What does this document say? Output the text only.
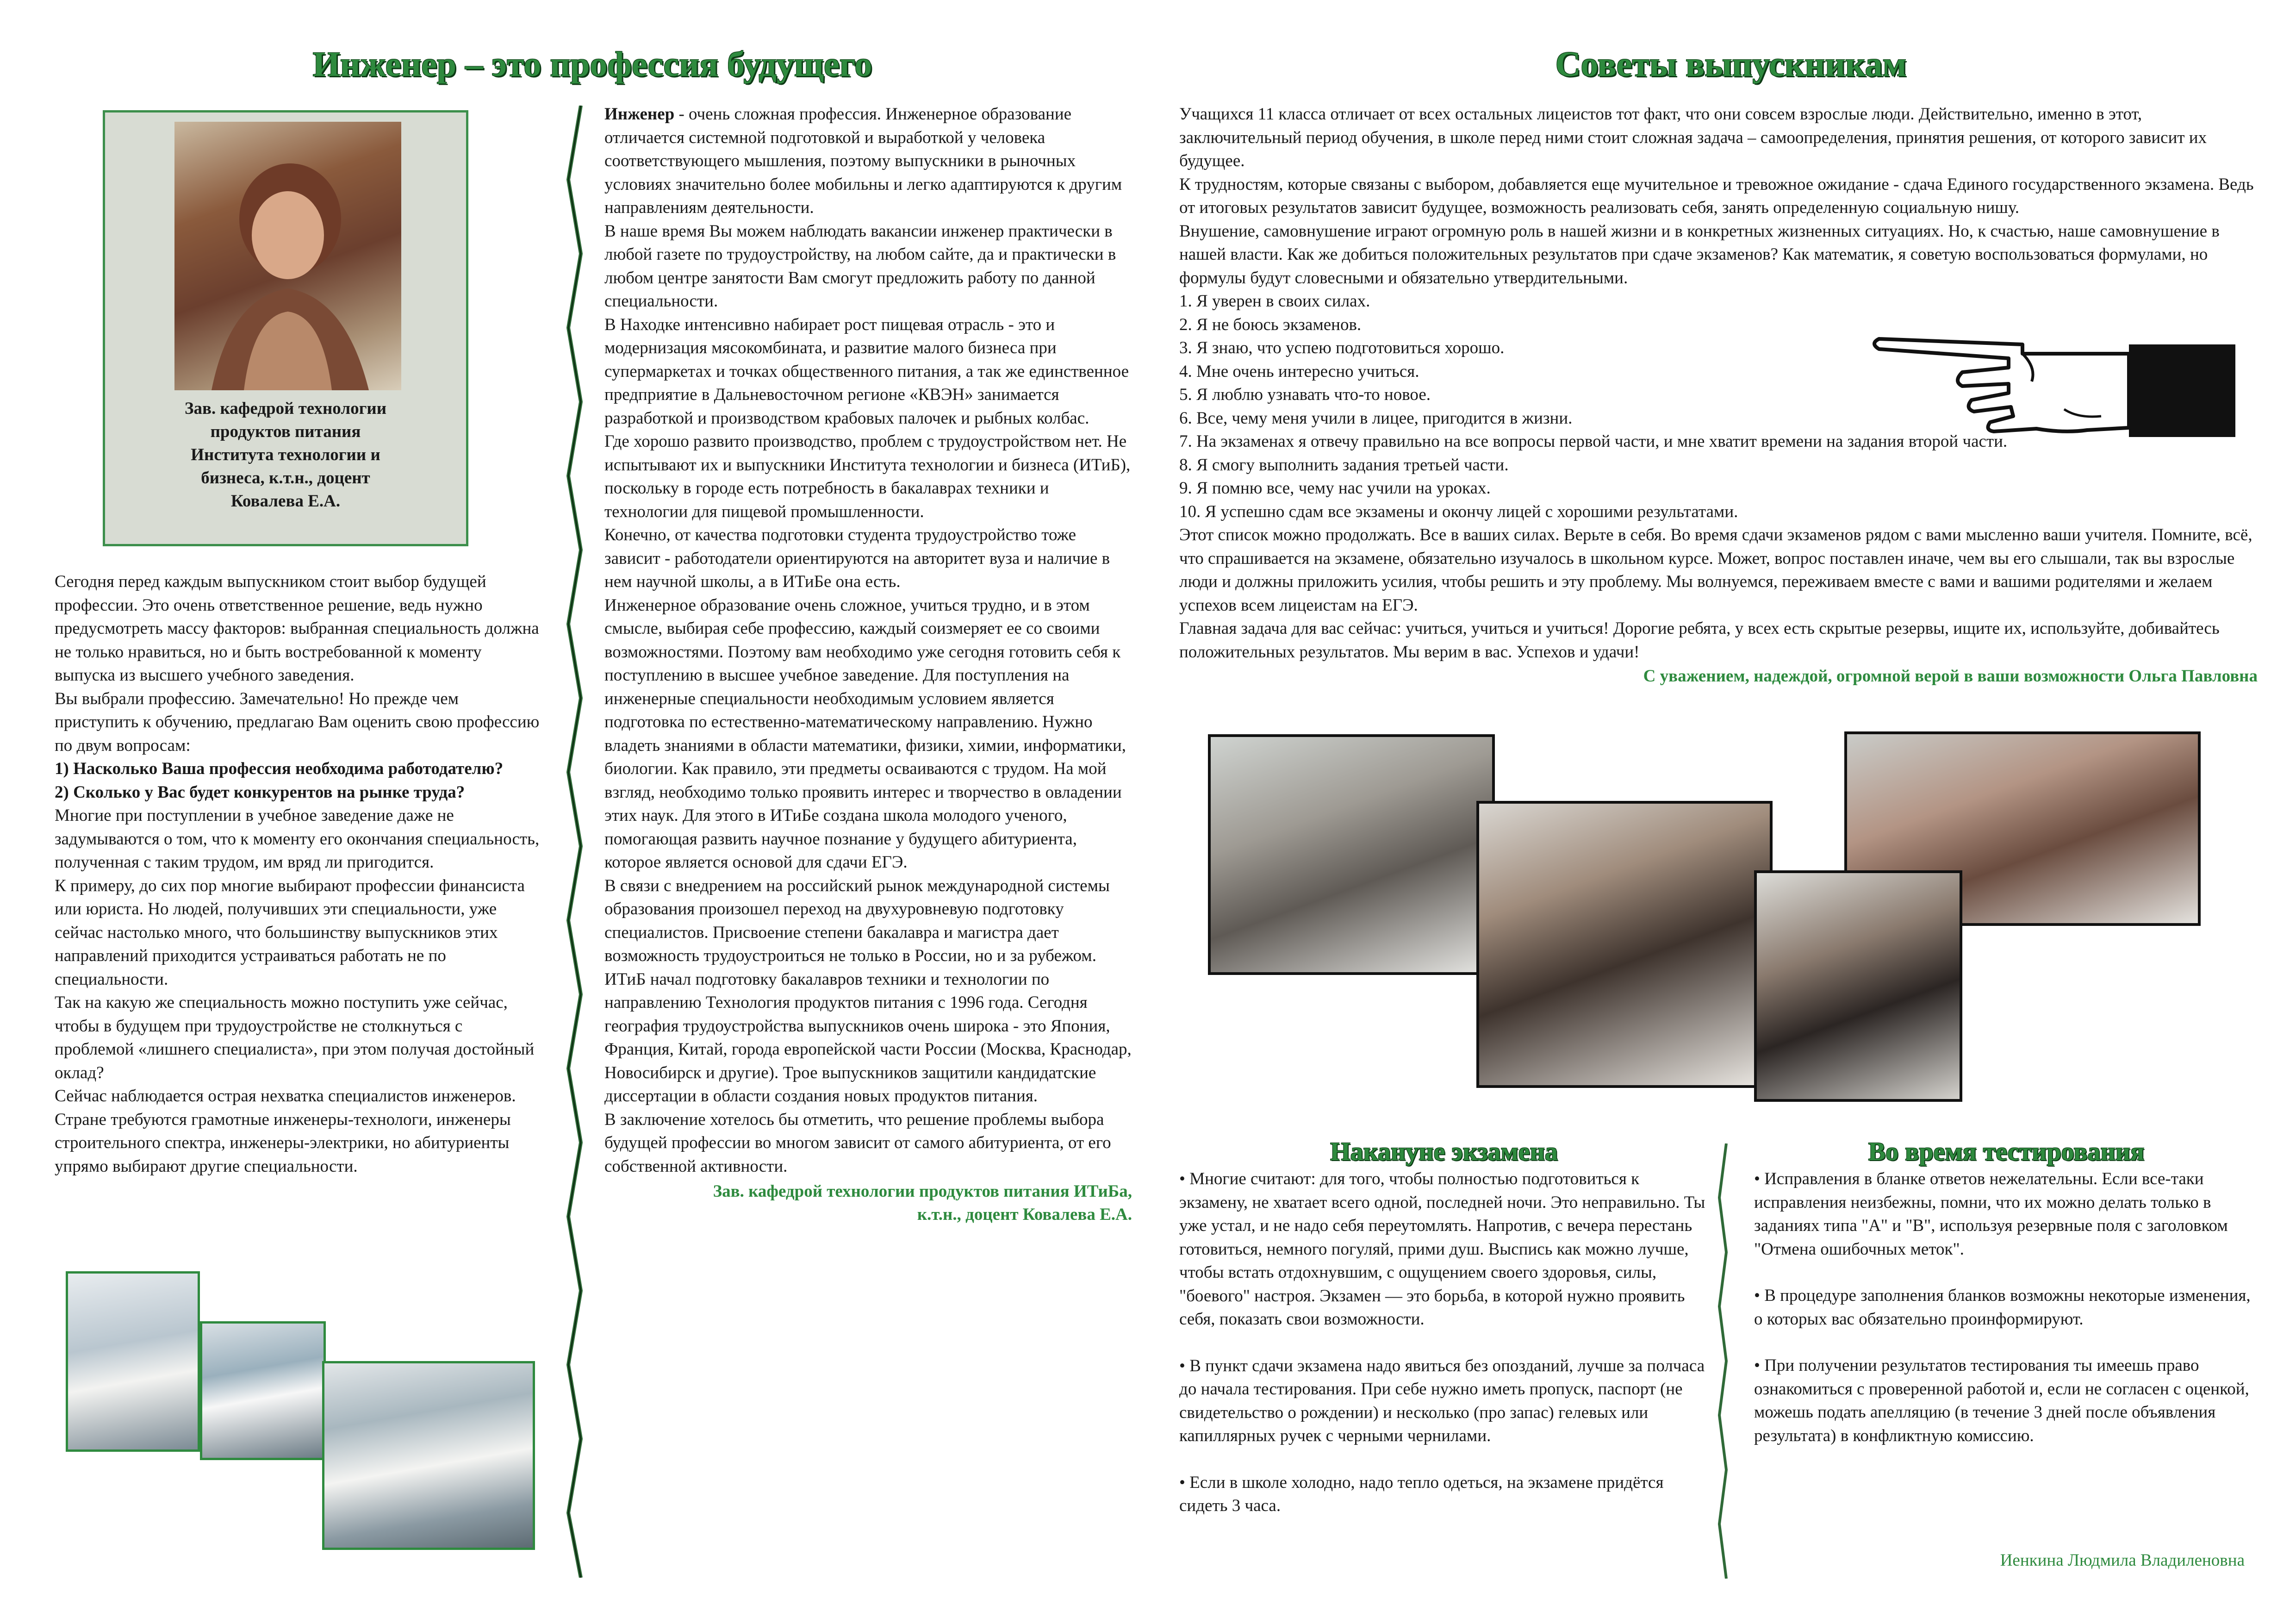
Инженер – это профессия будущего
Зав. кафедрой технологии
продуктов питания
Института технологии и
бизнеса, к.т.н., доцент
Ковалева Е.А.

Сегодня перед каждым выпускником стоит выбор будущей профессии. Это очень ответственное решение, ведь нужно предусмотреть массу факторов: выбранная специальность должна не только нравиться, но и быть востребованной к моменту выпуска из высшего учебного заведения.

Вы выбрали профессию. Замечательно! Но прежде чем приступить к обучению, предлагаю Вам оценить свою профессию по двум вопросам:

1) Насколько Ваша профессия необходима работодателю?

2) Сколько у Вас будет конкурентов на рынке труда?

Многие при поступлении в учебное заведение даже не задумываются о том, что к моменту его окончания специальность, полученная с таким трудом, им вряд ли пригодится.

К примеру, до сих пор многие выбирают профессии финансиста или юриста. Но людей, получивших эти специальности, уже сейчас настолько много, что большинству выпускников этих направлений приходится устраиваться работать не по специальности.

Так на какую же специальность можно поступить уже сейчас, чтобы в будущем при трудоустройстве не столкнуться с проблемой «лишнего специалиста», при этом получая достойный оклад?

Сейчас наблюдается острая нехватка специалистов инженеров. Стране требуются грамотные инженеры-технологи, инженеры строительного спектра, инженеры-электрики, но абитуриенты упрямо выбирают другие специальности.

Инженер - очень сложная профессия. Инженерное образование отличается системной подготовкой и выработкой у человека соответствующего мышления, поэтому выпускники в рыночных условиях значительно более мобильны и легко адаптируются к другим направлениям деятельности.

В наше время Вы можем наблюдать вакансии инженер практически в любой газете по трудоустройству, на любом сайте, да и практически в любом центре занятости Вам смогут предложить работу по данной специальности.

В Находке интенсивно набирает рост пищевая отрасль - это и модернизация мясокомбината, и развитие малого бизнеса при супермаркетах и точках общественного питания, а так же единственное предприятие в Дальневосточном регионе «КВЭН» занимается разработкой и производством крабовых палочек и рыбных колбас.

Где хорошо развито производство, проблем с трудоустройством нет. Не испытывают их и выпускники Института технологии и бизнеса (ИТиБ), поскольку в городе есть потребность в бакалаврах техники и технологии для пищевой промышленности.

Конечно, от качества подготовки студента трудоустройство тоже зависит - работодатели ориентируются на авторитет вуза и наличие в нем научной школы, а в ИТиБе она есть.

Инженерное образование очень сложное, учиться трудно, и в этом смысле, выбирая себе профессию, каждый соизмеряет ее со своими возможностями. Поэтому вам необходимо уже сегодня готовить себя к поступлению в высшее учебное заведение. Для поступления на инженерные специальности необходимым условием является подготовка по естественно-математическому направлению. Нужно владеть знаниями в области математики, физики, химии, информатики, биологии. Как правило, эти предметы осваиваются с трудом. На мой взгляд, необходимо только проявить интерес и творчество в овладении этих наук. Для этого в ИТиБе создана школа молодого ученого, помогающая развить научное познание у будущего абитуриента, которое является основой для сдачи ЕГЭ.

В связи с внедрением на российский рынок международной системы образования произошел переход на двухуровневую подготовку специалистов. Присвоение степени бакалавра и магистра дает возможность трудоустроиться не только в России, но и за рубежом. ИТиБ начал подготовку бакалавров техники и технологии по направлению Технология продуктов питания с 1996 года. Сегодня география трудоустройства выпускников очень широка - это Япония, Франция, Китай, города европейской части России (Москва, Краснодар, Новосибирск и другие). Трое выпускников защитили кандидатские диссертации в области создания новых продуктов питания.

В заключение хотелось бы отметить, что решение проблемы выбора будущей профессии во многом зависит от самого абитуриента, от его собственной активности.

Зав. кафедрой технологии продуктов питания ИТиБа,
к.т.н., доцент Ковалева Е.А.
Советы выпускникам

Учащихся 11 класса отличает от всех остальных лицеистов тот факт, что они совсем взрослые люди. Действительно, именно в этот, заключительный период обучения, в школе перед ними стоит сложная задача – самоопределения, принятия решения, от которого зависит их будущее.

К трудностям, которые связаны с выбором, добавляется еще мучительное и тревожное ожидание - сдача Единого государственного экзамена. Ведь от итоговых результатов зависит будущее, возможность реализовать себя, занять определенную социальную нишу.

Внушение, самовнушение играют огромную роль в нашей жизни и в конкретных жизненных ситуациях. Но, к счастью, наше самовнушение в нашей власти. Как же добиться положительных результатов при сдаче экзаменов? Как математик, я советую воспользоваться формулами, но формулы будут словесными и обязательно утвердительными.

1. Я уверен в своих силах.

2. Я не боюсь экзаменов.

3. Я знаю, что успею подготовиться хорошо.

4. Мне очень интересно учиться.

5. Я люблю узнавать что-то новое.

6. Все, чему меня учили в лицее, пригодится в жизни.

7. На экзаменах я отвечу правильно на все вопросы первой части, и мне хватит времени на задания второй части.

8. Я смогу выполнить задания третьей части.

9. Я помню все, чему нас учили на уроках.

10. Я успешно сдам все экзамены и окончу лицей с хорошими результатами.

Этот список можно продолжать. Все в ваших силах. Верьте в себя. Во время сдачи экзаменов рядом с вами мысленно ваши учителя. Помните, всё, что спрашивается на экзамене, обязательно изучалось в школьном курсе. Может, вопрос поставлен иначе, чем вы его слышали, так вы взрослые люди и должны приложить усилия, чтобы решить и эту проблему. Мы волнуемся, переживаем вместе с вами и вашими родителями и желаем успехов всем лицеистам на ЕГЭ.

Главная задача для вас сейчас: учиться, учиться и учиться! Дорогие ребята, у всех есть скрытые резервы, ищите их, используйте, добивайтесь положительных результатов. Мы верим в вас. Успехов и удачи!

С уважением, надеждой, огромной верой в ваши возможности Ольга Павловна
Накануне экзамена

• Многие считают: для того, чтобы полностью подготовиться к экзамену, не хватает всего одной, последней ночи. Это неправильно. Ты уже устал, и не надо себя переутомлять. Напротив, с вечера перестань готовиться, немного погуляй, прими душ. Выспись как можно лучше, чтобы встать отдохнувшим, с ощущением своего здоровья, силы, "боевого" настроя. Экзамен — это борьба, в которой нужно проявить себя, показать свои возможности.

• В пункт сдачи экзамена надо явиться без опозданий, лучше за полчаса до начала тестирования. При себе нужно иметь пропуск, паспорт (не свидетельство о рождении) и несколько (про запас) гелевых или капиллярных ручек с черными чернилами.

• Если в школе холодно, надо тепло одеться, на экзамене придётся сидеть 3 часа.

Во время тестирования

• Исправления в бланке ответов нежелательны. Если все-таки исправления неизбежны, помни, что их можно делать только в заданиях типа "А" и "В", используя резервные поля с заголовком "Отмена ошибочных меток".

• В процедуре заполнения бланков возможны некоторые изменения, о которых вас обязательно проинформируют.

• При получении результатов тестирования ты имеешь право ознакомиться с проверенной работой и, если не согласен с оценкой, можешь подать апелляцию (в течение 3 дней после объявления результата) в конфликтную комиссию.

Иенкина Людмила Владиленовна
